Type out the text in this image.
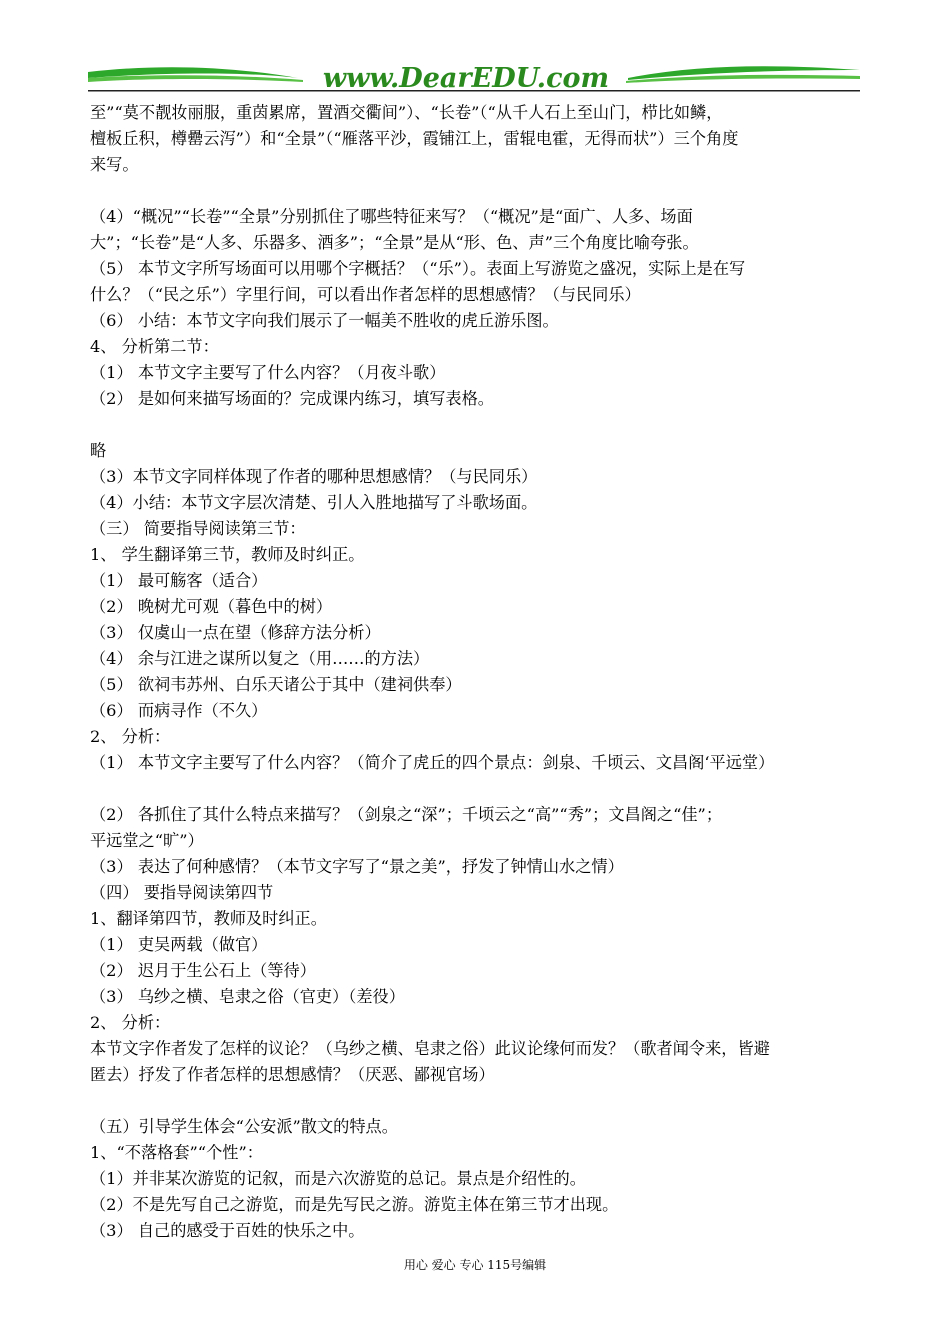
www.DearEDU.com
至”“莫不靓妆丽服，重茵累席，置酒交衢间”）、“长卷”（“从千人石上至山门，栉比如鳞，
檀板丘积，樽罍云泻”）和“全景”（“雁落平沙，霞铺江上，雷辊电霍，无得而状”）三个角度
来写。
（4）“概况”“长卷”“全景”分别抓住了哪些特征来写？（“概况”是“面广、人多、场面
大”；“长卷”是“人多、乐器多、酒多”；“全景”是从“形、色、声”三个角度比喻夸张。
（5） 本节文字所写场面可以用哪个字概括？（“乐”）。表面上写游览之盛况，实际上是在写
什么？（“民之乐”）字里行间，可以看出作者怎样的思想感情？（与民同乐）
（6） 小结：本节文字向我们展示了一幅美不胜收的虎丘游乐图。
4、 分析第二节：
（1） 本节文字主要写了什么内容？（月夜斗歌）
（2） 是如何来描写场面的？完成课内练习，填写表格。
略
（3）本节文字同样体现了作者的哪种思想感情？（与民同乐）
（4）小结：本节文字层次清楚、引人入胜地描写了斗歌场面。
（三） 简要指导阅读第三节：
1、 学生翻译第三节，教师及时纠正。
（1） 最可觞客（适合）
（2） 晚树尤可观（暮色中的树）
（3） 仅虞山一点在望（修辞方法分析）
（4） 余与江进之谋所以复之（用……的方法）
（5） 欲祠韦苏州、白乐天诸公于其中（建祠供奉）
（6） 而病寻作（不久）
2、 分析：
（1） 本节文字主要写了什么内容？（简介了虎丘的四个景点：剑泉、千顷云、文昌阁‘平远堂）
（2） 各抓住了其什么特点来描写？（剑泉之“深”；千顷云之“高”“秀”；文昌阁之“佳”；
平远堂之“旷”）
（3） 表达了何种感情？（本节文字写了“景之美”，抒发了钟情山水之情）
（四） 要指导阅读第四节
1、翻译第四节，教师及时纠正。
（1） 吏吴两载（做官）
（2） 迟月于生公石上（等待）
（3） 乌纱之横、皂隶之俗（官吏）（差役）
2、 分析：
本节文字作者发了怎样的议论？（乌纱之横、皂隶之俗）此议论缘何而发？（歌者闻令来，皆避
匿去）抒发了作者怎样的思想感情？（厌恶、鄙视官场）
（五）引导学生体会“公安派”散文的特点。
1、“不落格套”“个性”：
（1）并非某次游览的记叙，而是六次游览的总记。景点是介绍性的。
（2）不是先写自己之游览，而是先写民之游。游览主体在第三节才出现。
（3） 自己的感受于百姓的快乐之中。
用心 爱心 专心 115号编辑
